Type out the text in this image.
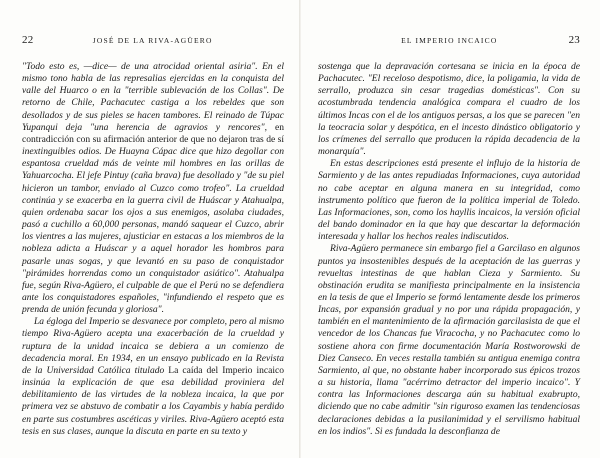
22	JOSÉ DE LA RIVA-AGÜERO

"Todo esto es, —dice— de una atrocidad oriental asiria". En el mismo tono habla de las represalias ejercidas en la conquista del valle del Huarco o en la "terrible sublevación de los Collas". De retorno de Chile, Pachacutec castiga a los rebeldes que son desollados y de sus pieles se hacen tambores. El reinado de Túpac Yupanqui deja "una herencia de agravios y rencores", en contradicción con su afirmación anterior de que no dejaron tras de sí inextinguibles odios. De Huayna Cápac dice que hizo degollar con espantosa crueldad más de veinte mil hombres en las orillas de Yahuarcocha. El jefe Pintuy (caña brava) fue desollado y "de su piel hicieron un tambor, enviado al Cuzco como trofeo". La crueldad continúa y se exacerba en la guerra civil de Huáscar y Atahualpa, quien ordenaba sacar los ojos a sus enemigos, asolaba ciudades, pasó a cuchillo a 60,000 personas, mandó saquear el Cuzco, abrir los vientres a las mujeres, ajusticiar en estacas a los miembros de la nobleza adicta a Huáscar y a aquel horador les hombros para pasarle unas sogas, y que levantó en su paso de conquistador "pirámides horrendas como un conquistador asiático". Atahualpa fue, según Riva-Agüero, el culpable de que el Perú no se defendiera ante los conquistadores españoles, "infundiendo el respeto que es prenda de unión fecunda y gloriosa".

La égloga del Imperio se desvanece por completo, pero al mismo tiempo Riva-Agüero acepta una exacerbación de la crueldad y ruptura de la unidad incaica se debiera a un comienzo de decadencia moral. En 1934, en un ensayo publicado en la Revista de la Universidad Católica titulado La caída del Imperio incaico insinúa la explicación de que esa debilidad proviniera del debilitamiento de las virtudes de la nobleza incaica, la que por primera vez se abstuvo de combatir a los Cayambis y había perdido en parte sus costumbres ascéticas y viriles. Riva-Agüero aceptó esta tesis en sus clases, aunque la discuta en parte en su texto y

EL IMPERIO INCAICO	23

sostenga que la depravación cortesana se inicia en la época de Pachacutec. "El receloso despotismo, dice, la poligamia, la vida de serrallo, produzca sin cesar tragedias domésticas". Con su acostumbrada tendencia analógica compara el cuadro de los últimos Incas con el de los antiguos persas, a los que se parecen "en la teocracia solar y despótica, en el incesto dinástico obligatorio y los crímenes del serrallo que producen la rápida decadencia de la monarquía".

En estas descripciones está presente el influjo de la historia de Sarmiento y de las antes repudiadas Informaciones, cuya autoridad no cabe aceptar en alguna manera en su integridad, como instrumento político que fueron de la política imperial de Toledo. Las Informaciones, son, como los hayllis incaicos, la versión oficial del bando dominador en la que hay que descartar la deformación interesada y hallar los hechos reales indiscutidos.

Riva-Agüero permanece sin embargo fiel a Garcilaso en algunos puntos ya insostenibles después de la aceptación de las guerras y revueltas intestinas de que hablan Cieza y Sarmiento. Su obstinación erudita se manifiesta principalmente en la insistencia en la tesis de que el Imperio se formó lentamente desde los primeros Incas, por expansión gradual y no por una rápida propagación, y también en el mantenimiento de la afirmación garcilasista de que el vencedor de los Chancas fue Viracocha, y no Pachacutec como lo sostiene ahora con firme documentación María Rostworowski de Diez Canseco. En veces restalla también su antigua enemiga contra Sarmiento, al que, no obstante haber incorporado sus épicos trozos a su historia, llama "acérrimo detractor del imperio incaico". Y contra las Informaciones descarga aún su habitual exabrupto, diciendo que no cabe admitir "sin riguroso examen las tendenciosas declaraciones debidas a la pusilanimidad y el servilismo habitual en los indios". Si es fundada la desconfianza de
